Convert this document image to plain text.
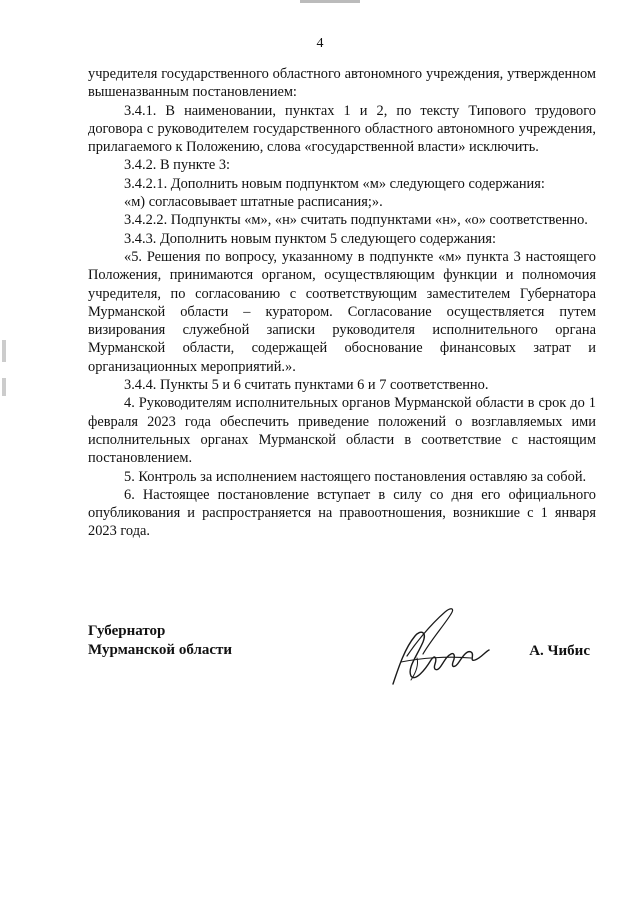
4

учредителя государственного областного автономного учреждения, утвержденном вышеназванным постановлением:

3.4.1. В наименовании, пунктах 1 и 2, по тексту Типового трудового договора с руководителем государственного областного автономного учреждения, прилагаемого к Положению, слова «государственной власти» исключить.

3.4.2. В пункте 3:

3.4.2.1. Дополнить новым подпунктом «м» следующего содержания:

«м) согласовывает штатные расписания;».

3.4.2.2. Подпункты «м», «н» считать подпунктами «н», «о» соответственно.

3.4.3. Дополнить новым пунктом 5 следующего содержания:

«5. Решения по вопросу, указанному в подпункте «м» пункта 3 настоящего Положения, принимаются органом, осуществляющим функции и полномочия учредителя, по согласованию с соответствующим заместителем Губернатора Мурманской области – куратором. Согласование осуществляется путем визирования служебной записки руководителя исполнительного органа Мурманской области, содержащей обоснование финансовых затрат и организационных мероприятий.».

3.4.4. Пункты 5 и 6 считать пунктами 6 и 7 соответственно.

4. Руководителям исполнительных органов Мурманской области в срок до 1 февраля 2023 года обеспечить приведение положений о возглавляемых ими исполнительных органах Мурманской области в соответствие с настоящим постановлением.

5. Контроль за исполнением настоящего постановления оставляю за собой.

6. Настоящее постановление вступает в силу со дня его официального опубликования и распространяется на правоотношения, возникшие с 1 января 2023 года.

Губернатор
Мурманской области	А. Чибис
